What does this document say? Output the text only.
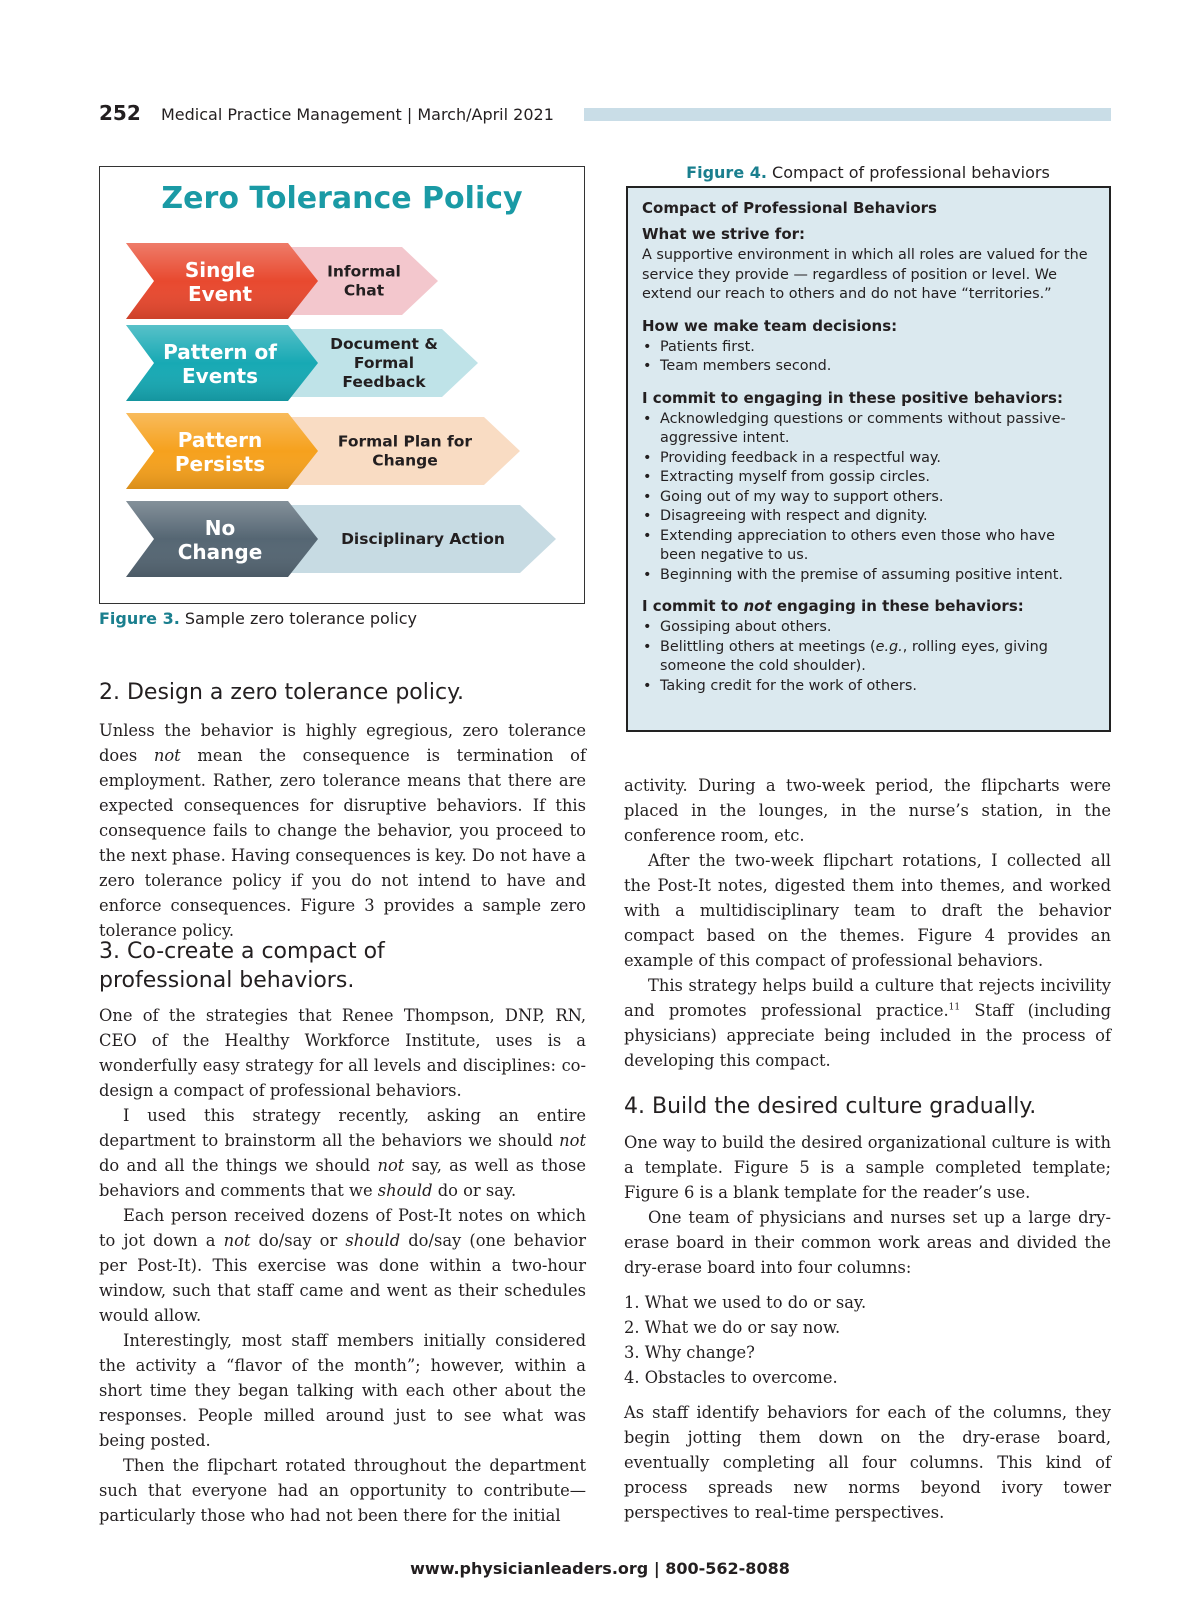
252 Medical Practice Management | March/April 2021
Zero Tolerance Policy
Single
Event
Informal
Chat
Pattern of
Events
Document &
Formal
Feedback
Pattern
Persists
Formal Plan for
Change
No
Change
Disciplinary Action
Figure 3. Sample zero tolerance policy
2. Design a zero tolerance policy.

Unless the behavior is highly egregious, zero tolerance does not mean the consequence is termination of employment. Rather, zero tolerance means that there are expected consequences for disruptive behaviors. If this consequence fails to change the behavior, you proceed to the next phase. Having consequences is key. Do not have a zero tolerance policy if you do not intend to have and enforce consequences. Figure 3 provides a sample zero tolerance policy.

3. Co-create a compact of
professional behaviors.

One of the strategies that Renee Thompson, DNP, RN, CEO of the Healthy Workforce Institute, uses is a wonderfully easy strategy for all levels and disciplines: co-design a compact of professional behaviors.

I used this strategy recently, asking an entire department to brainstorm all the behaviors we should not do and all the things we should not say, as well as those behaviors and comments that we should do or say.

Each person received dozens of Post-It notes on which to jot down a not do/say or should do/say (one behavior per Post-It). This exercise was done within a two-hour window, such that staff came and went as their schedules would allow.

Interestingly, most staff members initially considered the activity a “flavor of the month”; however, within a short time they began talking with each other about the responses. People milled around just to see what was being posted.

Then the flipchart rotated throughout the department such that everyone had an opportunity to contribute—particularly those who had not been there for the initial

Figure 4. Compact of professional behaviors
Compact of Professional Behaviors
What we strive for:
A supportive environment in which all roles are valued for the service they provide — regardless of position or level. We extend our reach to others and do not have “territories.”
How we make team decisions:
• Patients first.
• Team members second.
I commit to engaging in these positive behaviors:
• Acknowledging questions or comments without passive-aggressive intent.
• Providing feedback in a respectful way.
• Extracting myself from gossip circles.
• Going out of my way to support others.
• Disagreeing with respect and dignity.
• Extending appreciation to others even those who have been negative to us.
• Beginning with the premise of assuming positive intent.
I commit to not engaging in these behaviors:
• Gossiping about others.
• Belittling others at meetings (e.g., rolling eyes, giving someone the cold shoulder).
• Taking credit for the work of others.

activity. During a two-week period, the flipcharts were placed in the lounges, in the nurse’s station, in the conference room, etc.

After the two-week flipchart rotations, I collected all the Post-It notes, digested them into themes, and worked with a multidisciplinary team to draft the behavior compact based on the themes. Figure 4 provides an example of this compact of professional behaviors.

This strategy helps build a culture that rejects incivility and promotes professional practice.$^{11}$ Staff (including physicians) appreciate being included in the process of developing this compact.

4. Build the desired culture gradually.

One way to build the desired organizational culture is with a template. Figure 5 is a sample completed template; Figure 6 is a blank template for the reader’s use.

One team of physicians and nurses set up a large dry-erase board in their common work areas and divided the dry-erase board into four columns:

1. What we used to do or say.
2. What we do or say now.
3. Why change?
4. Obstacles to overcome.

As staff identify behaviors for each of the columns, they begin jotting them down on the dry-erase board, eventually completing all four columns. This kind of process spreads new norms beyond ivory tower perspectives to real-time perspectives.

www.physicianleaders.org | 800-562-8088
